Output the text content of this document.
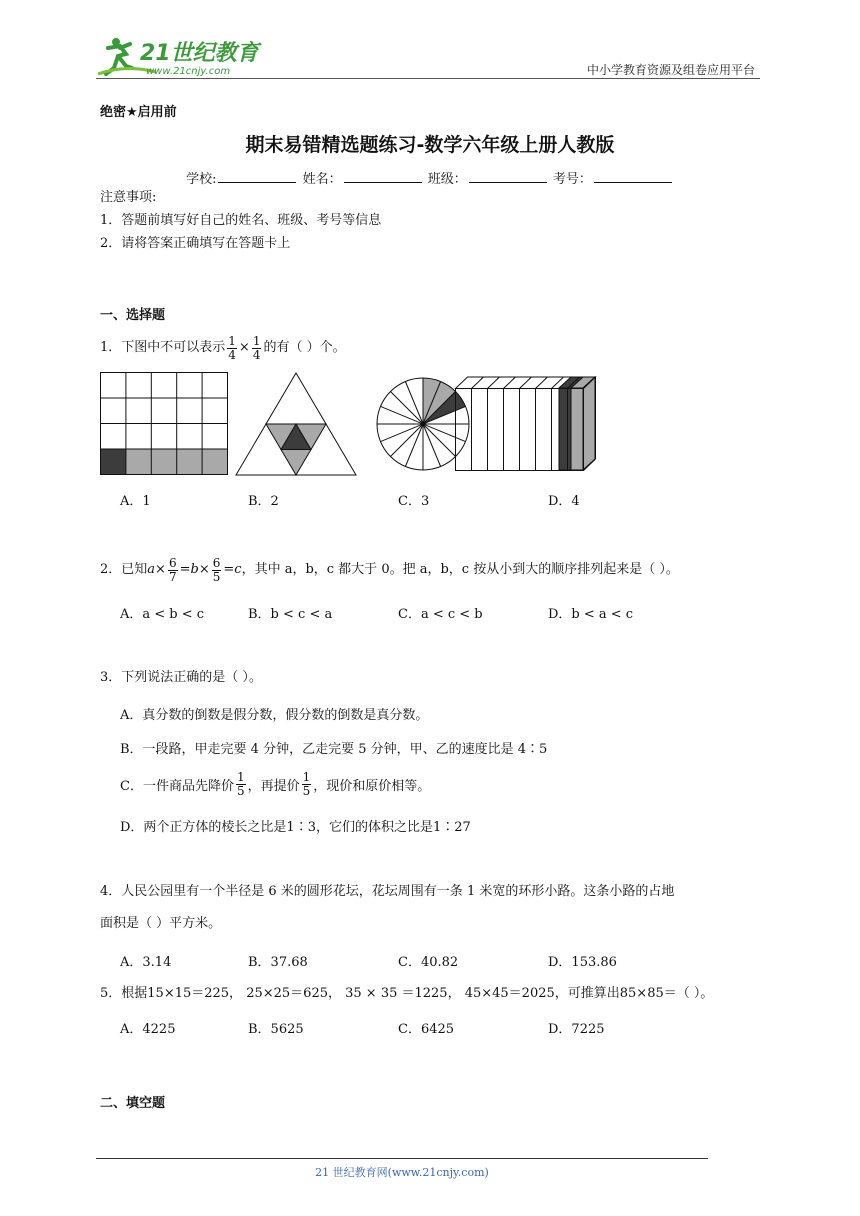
21世纪教育
www.21cnjy.com	中小学教育资源及组卷应用平台
绝密★启用前
期末易错精选题练习-数学六年级上册人教版
学校:	姓名：	班级：	考号：
注意事项:
1．答题前填写好自己的姓名、班级、考号等信息
2．请将答案正确填写在答题卡上
一、选择题
1．下图中不可以表示 $\frac{1}{4} \times \frac{1}{4}$ 的有（ ）个。
A．1	B．2	C．3	D．4
2．已知 $a \times \frac{6}{7} = b \times \frac{6}{5} = c$ ，其中 a，b，c 都大于 0。把 a，b，c 按从小到大的顺序排列起来是（ ）。
A．a < b < c	B．b < c < a	C．a < c < b	D．b < a < c
3．下列说法正确的是（ ）。
A．真分数的倒数是假分数，假分数的倒数是真分数。
B．一段路，甲走完要 4 分钟，乙走完要 5 分钟，甲、乙的速度比是 4∶5
C．一件商品先降价 $\frac{1}{5}$ ，再提价 $\frac{1}{5}$ ，现价和原价相等。
D．两个正方体的棱长之比是1∶3，它们的体积之比是1∶27
4．人民公园里有一个半径是 6 米的圆形花坛，花坛周围有一条 1 米宽的环形小路。这条小路的占地
面积是（ ）平方米。
A．3.14	B．37.68	C．40.82	D．153.86
5．根据15×15＝225， 25×25＝625， 35 × 35 ＝1225， 45×45＝2025，可推算出85×85＝（ ）。
A．4225	B．5625	C．6425	D．7225
二、填空题
21 世纪教育网(www.21cnjy.com)
